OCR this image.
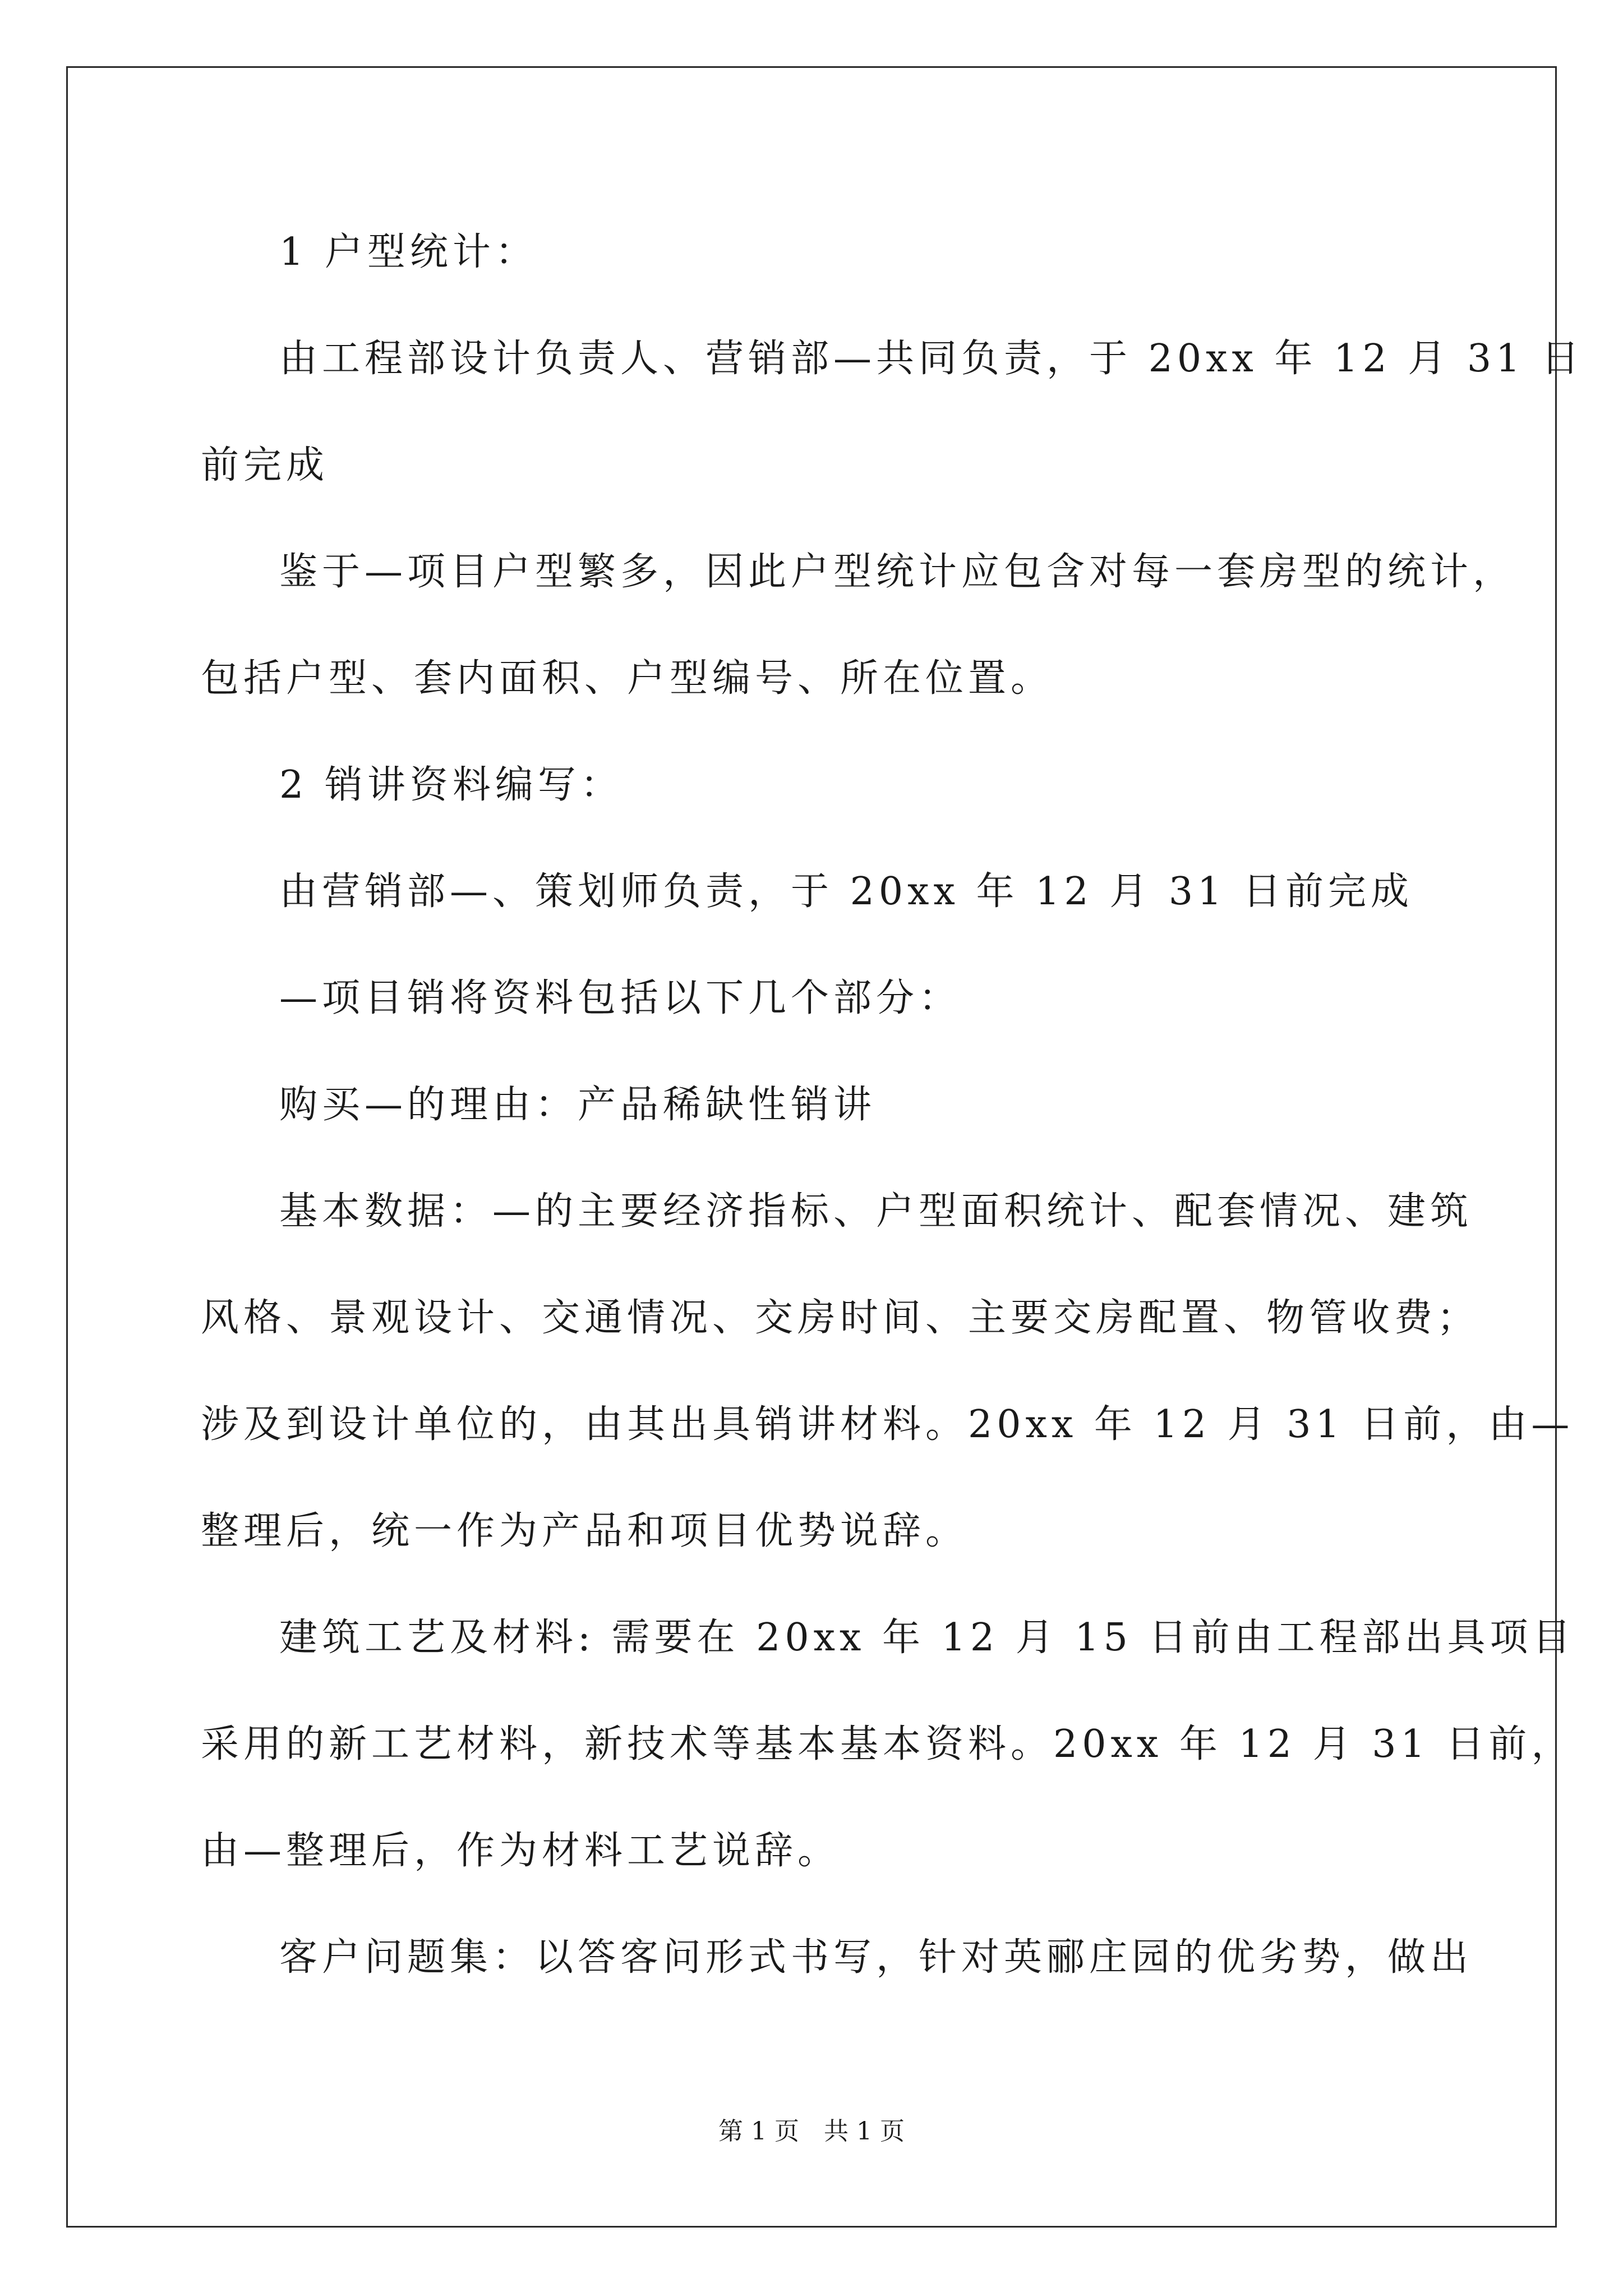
1 户型统计：
由工程部设计负责人、营销部—共同负责，于 20xx 年 12 月 31 日
前完成
鉴于—项目户型繁多，因此户型统计应包含对每一套房型的统计，
包括户型、套内面积、户型编号、所在位置。
2 销讲资料编写：
由营销部—、策划师负责，于 20xx 年 12 月 31 日前完成
—项目销将资料包括以下几个部分：
购买—的理由：产品稀缺性销讲
基本数据：—的主要经济指标、户型面积统计、配套情况、建筑
风格、景观设计、交通情况、交房时间、主要交房配置、物管收费；
涉及到设计单位的，由其出具销讲材料。20xx 年 12 月 31 日前，由—
整理后，统一作为产品和项目优势说辞。
建筑工艺及材料: 需要在 20xx 年 12 月 15 日前由工程部出具项目
采用的新工艺材料，新技术等基本基本资料。20xx 年 12 月 31 日前，
由—整理后，作为材料工艺说辞。
客户问题集：以答客问形式书写，针对英郦庄园的优劣势，做出
第 1 页　共 1 页
